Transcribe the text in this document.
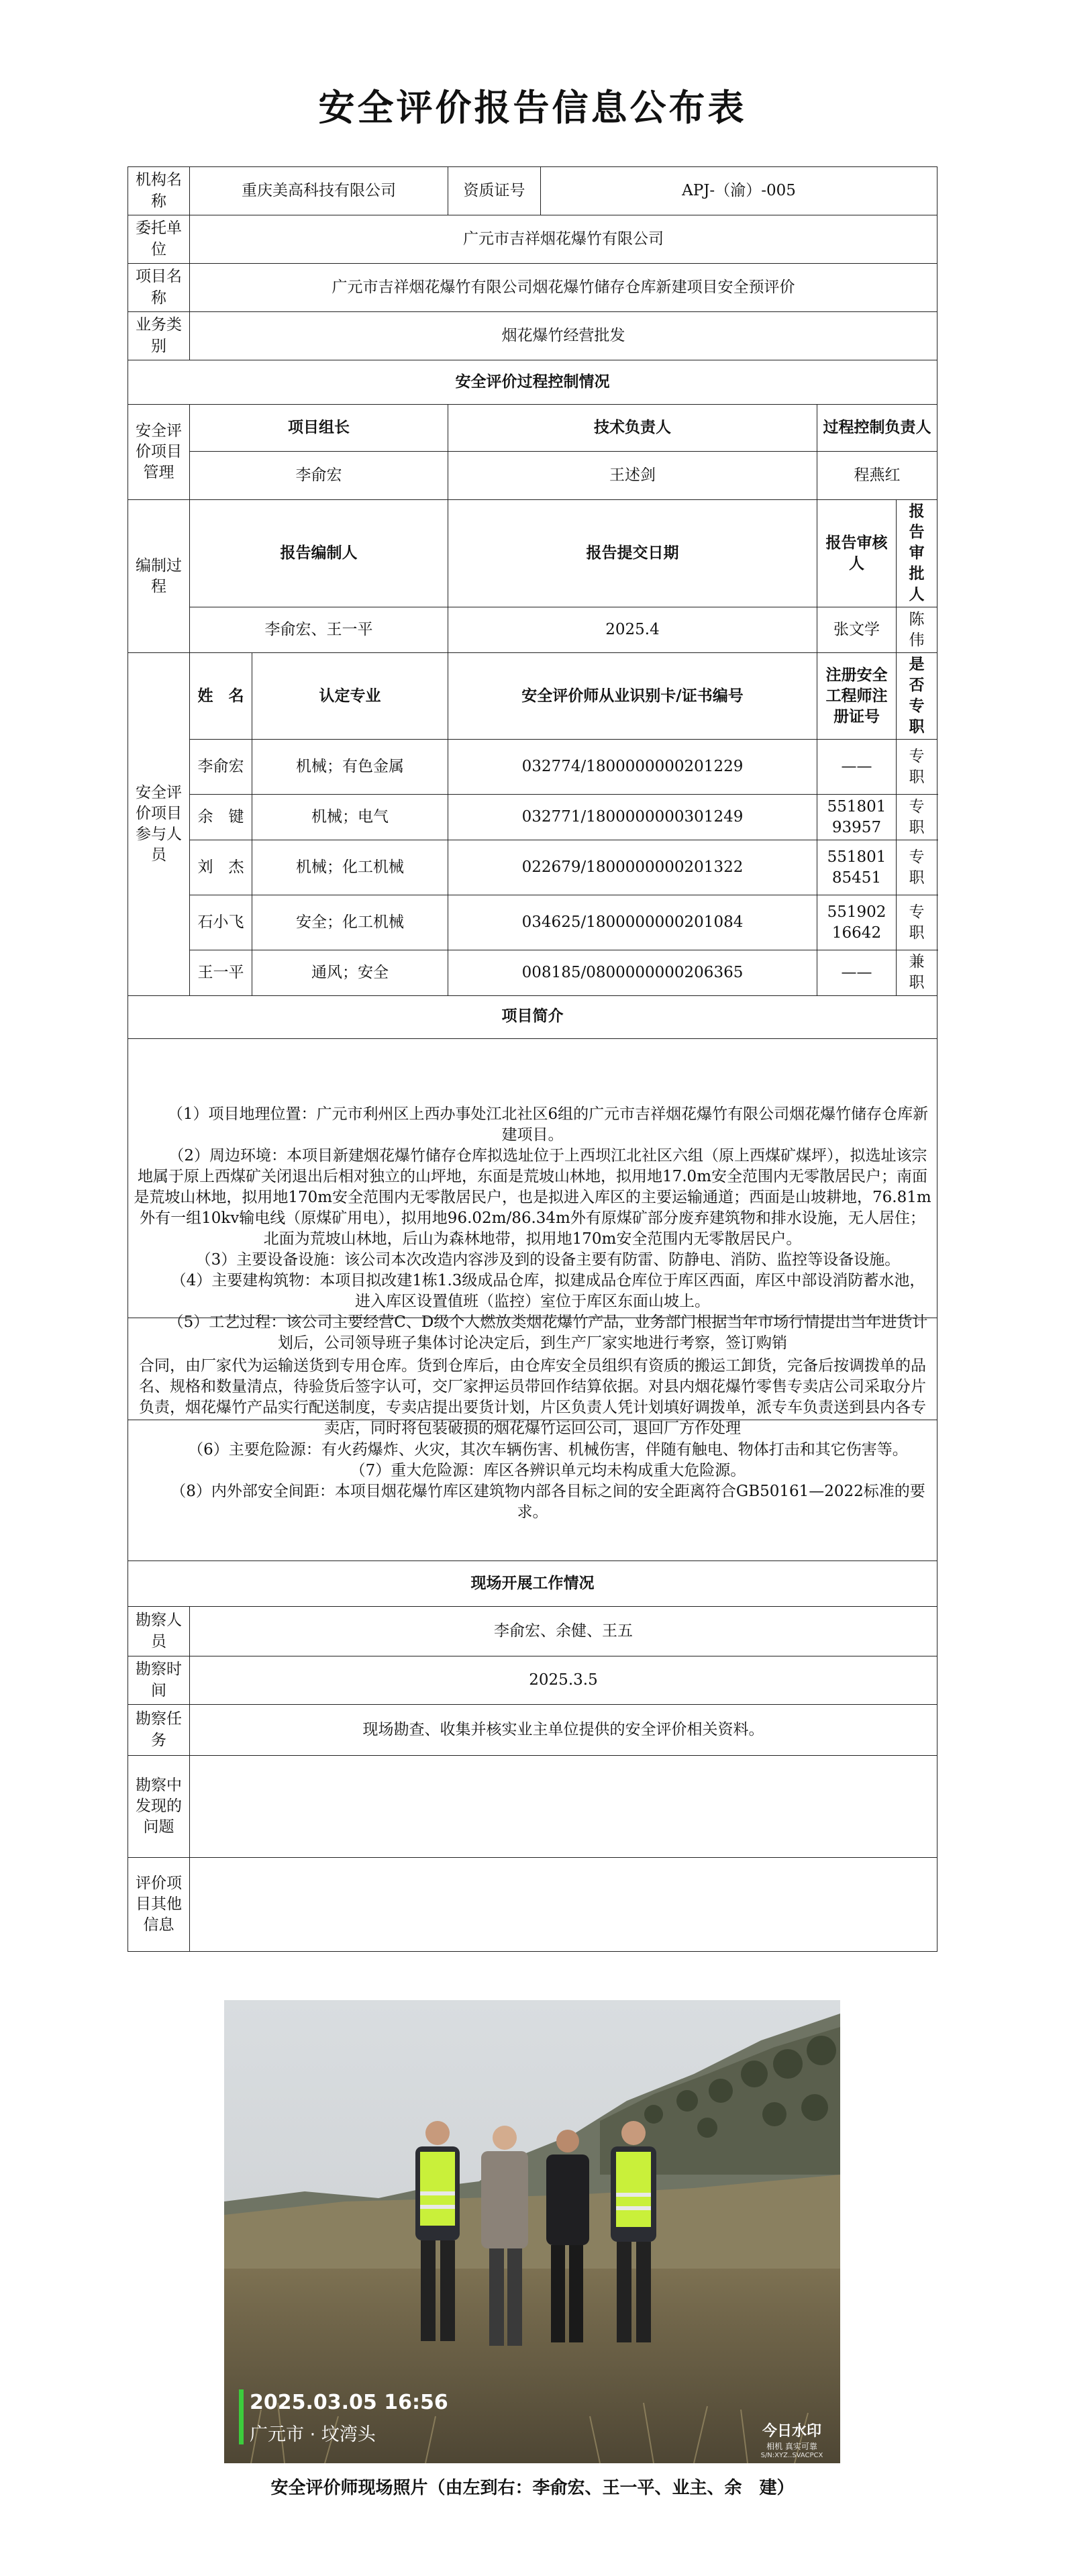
安全评价报告信息公布表
机构名称	重庆美高科技有限公司		资质证号	APJ-（渝）-005		
委托单位	广元市吉祥烟花爆竹有限公司					
项目名称	广元市吉祥烟花爆竹有限公司烟花爆竹储存仓库新建项目安全预评价					
业务类别	烟花爆竹经营批发					
安全评价过程控制情况						
安全评价项目管理	项目组长		技术负责人		过程控制负责人	
	李俞宏		王述剑		程燕红	
编制过程	报告编制人		报告提交日期		报告审核人	报告审批人
	李俞宏、王一平		2025.4		张文学	陈　伟
安全评价项目参与人员	姓　名	认定专业	安全评价师从业识别卡/证书编号		注册安全工程师注册证号	是否专职
	李俞宏	机械；有色金属	032774/1800000000201229		——	专　职
	余　键	机械；电气	032771/1800000000301249		55180193957	专　职
	刘　杰	机械；化工机械	022679/1800000000201322		55180185451	专　职
	石小飞	安全；化工机械	034625/1800000000201084		55190216642	专　职
	王一平	通风；安全	008185/0800000000206365		——	兼　职
项目简介						

（1）项目地理位置：广元市利州区上西办事处江北社区6组的广元市吉祥烟花爆竹有限公司烟花爆竹储存仓库新建项目。

（2）周边环境：本项目新建烟花爆竹储存仓库拟选址位于上西坝江北社区六组（原上西煤矿煤坪），拟选址该宗地属于原上西煤矿关闭退出后相对独立的山坪地，东面是荒坡山林地，拟用地17.0m安全范围内无零散居民户；南面是荒坡山林地，拟用地170m安全范围内无零散居民户，也是拟进入库区的主要运输通道；西面是山坡耕地，76.81m外有一组10kv输电线（原煤矿用电），拟用地96.02m/86.34m外有原煤矿部分废弃建筑物和排水设施，无人居住；北面为荒坡山林地，后山为森林地带，拟用地170m安全范围内无零散居民户。

（3）主要设备设施：该公司本次改造内容涉及到的设备主要有防雷、防静电、消防、监控等设备设施。

（4）主要建构筑物：本项目拟改建1栋1.3级成品仓库，拟建成品仓库位于库区西面，库区中部设消防蓄水池，进入库区设置值班（监控）室位于库区东面山坡上。

（5）工艺过程：该公司主要经营C、D级个人燃放类烟花爆竹产品，业务部门根据当年市场行情提出当年进货计划后，公司领导班子集体讨论决定后，到生产厂家实地进行考察，签订购销						

合同，由厂家代为运输送货到专用仓库。货到仓库后，由仓库安全员组织有资质的搬运工卸货，完备后按调拨单的品名、规格和数量清点，待验货后签字认可，交厂家押运员带回作结算依据。对县内烟花爆竹零售专卖店公司采取分片负责，烟花爆竹产品实行配送制度，专卖店提出要货计划，片区负责人凭计划填好调拨单，派专车负责送到县内各专卖店，同时将包装破损的烟花爆竹运回公司，退回厂方作处理

（6）主要危险源：有火药爆炸、火灾，其次车辆伤害、机械伤害，伴随有触电、物体打击和其它伤害等。

（7）重大危险源：库区各辨识单元均未构成重大危险源。

（8）内外部安全间距：本项目烟花爆竹库区建筑物内部各目标之间的安全距离符合GB50161—2022标准的要求。	

现场开展工作情况	
勘察人员	李俞宏、余健、王五
勘察时间	2025.3.5
勘察任务	现场勘查、收集并核实业主单位提供的安全评价相关资料。
勘察中发现的问题	
评价项目其他信息	
2025.03.05 16:56
广元市 · 坟湾头	今日水印
相机 真实可靠
S/N:XYZ..SVACPCX
安全评价师现场照片（由左到右：李俞宏、王一平、业主、余　建）
